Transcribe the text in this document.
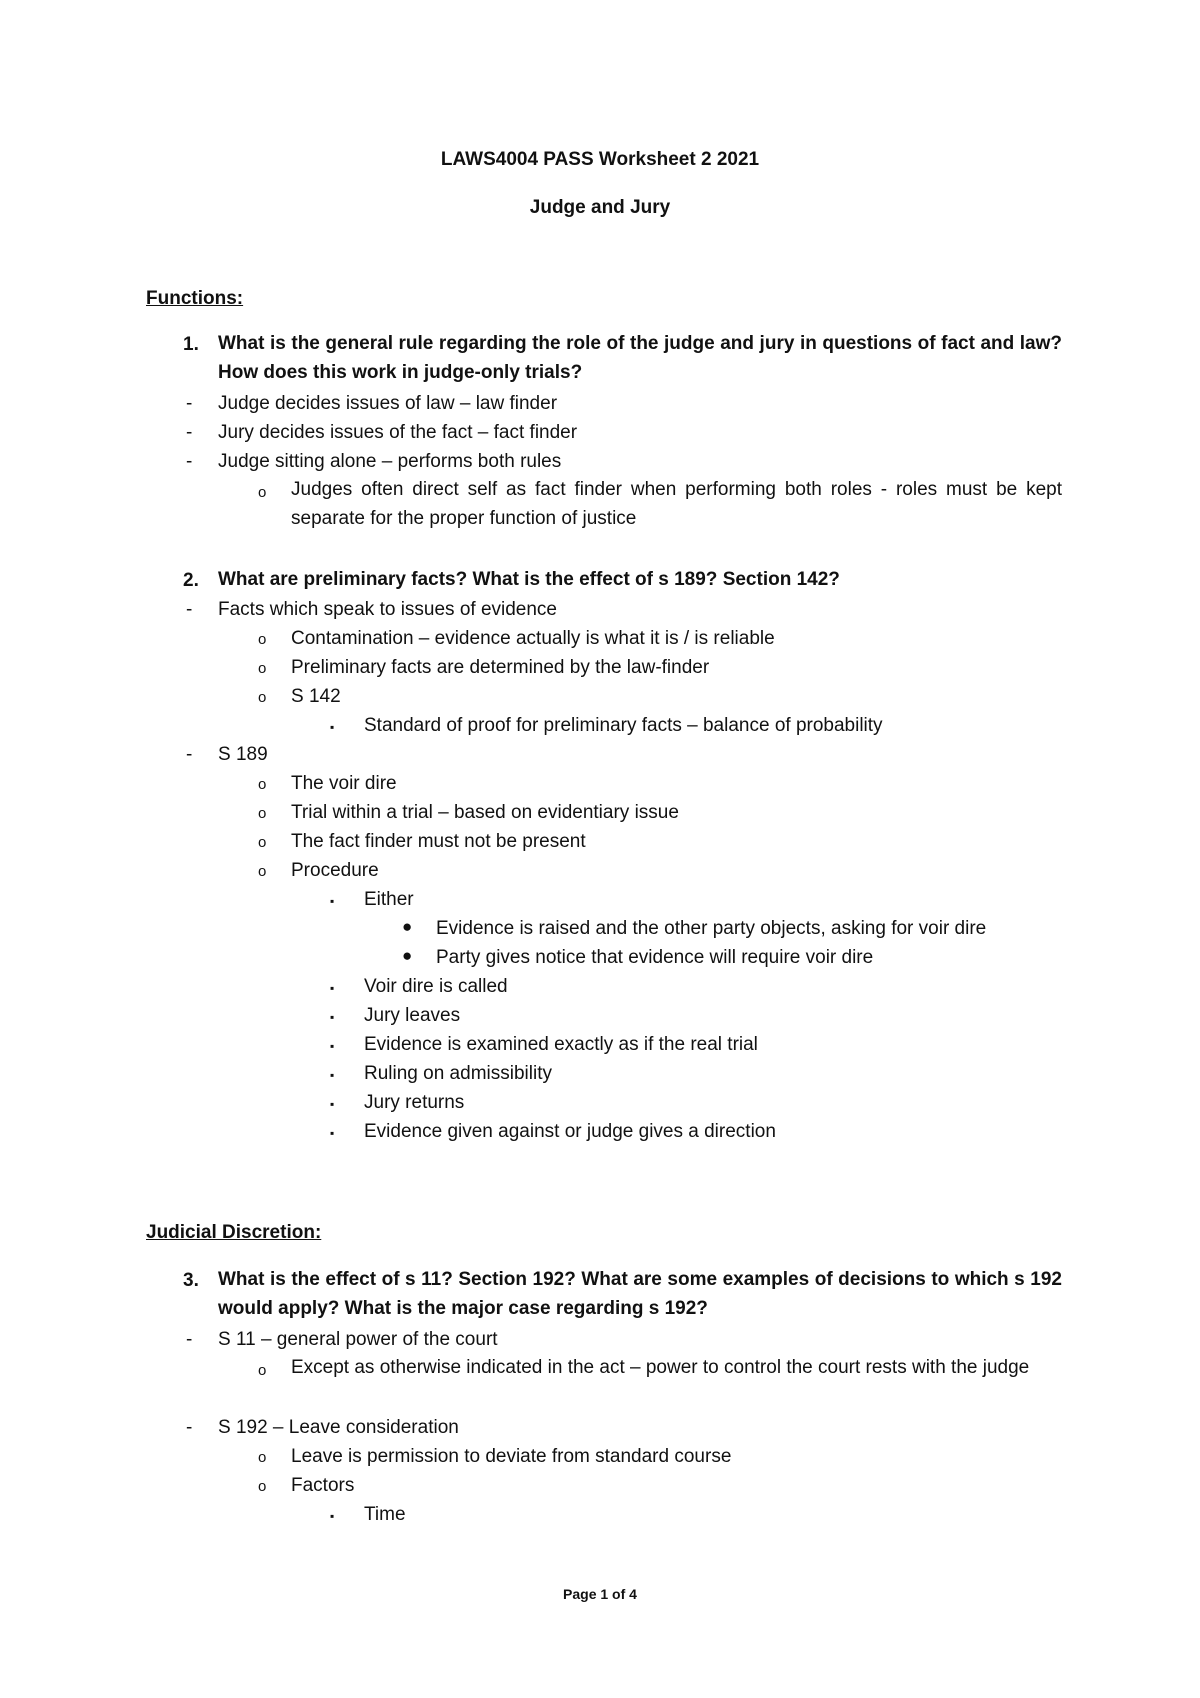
LAWS4004 PASS Worksheet 2 2021
Judge and Jury
Functions:
1. What is the general rule regarding the role of the judge and jury in questions of fact and law? How does this work in judge-only trials?
- Judge decides issues of law – law finder
- Jury decides issues of the fact – fact finder
- Judge sitting alone – performs both rules
o Judges often direct self as fact finder when performing both roles - roles must be kept separate for the proper function of justice
2. What are preliminary facts? What is the effect of s 189? Section 142?
- Facts which speak to issues of evidence
o Contamination – evidence actually is what it is / is reliable
o Preliminary facts are determined by the law-finder
o S 142
▪ Standard of proof for preliminary facts – balance of probability
- S 189
o The voir dire
o Trial within a trial – based on evidentiary issue
o The fact finder must not be present
o Procedure
▪ Either
● Evidence is raised and the other party objects, asking for voir dire
● Party gives notice that evidence will require voir dire
▪ Voir dire is called
▪ Jury leaves
▪ Evidence is examined exactly as if the real trial
▪ Ruling on admissibility
▪ Jury returns
▪ Evidence given against or judge gives a direction
Judicial Discretion:
3. What is the effect of s 11? Section 192? What are some examples of decisions to which s 192 would apply? What is the major case regarding s 192?
- S 11 – general power of the court
o Except as otherwise indicated in the act – power to control the court rests with the judge
- S 192 – Leave consideration
o Leave is permission to deviate from standard course
o Factors
▪ Time
Page 1 of 4
